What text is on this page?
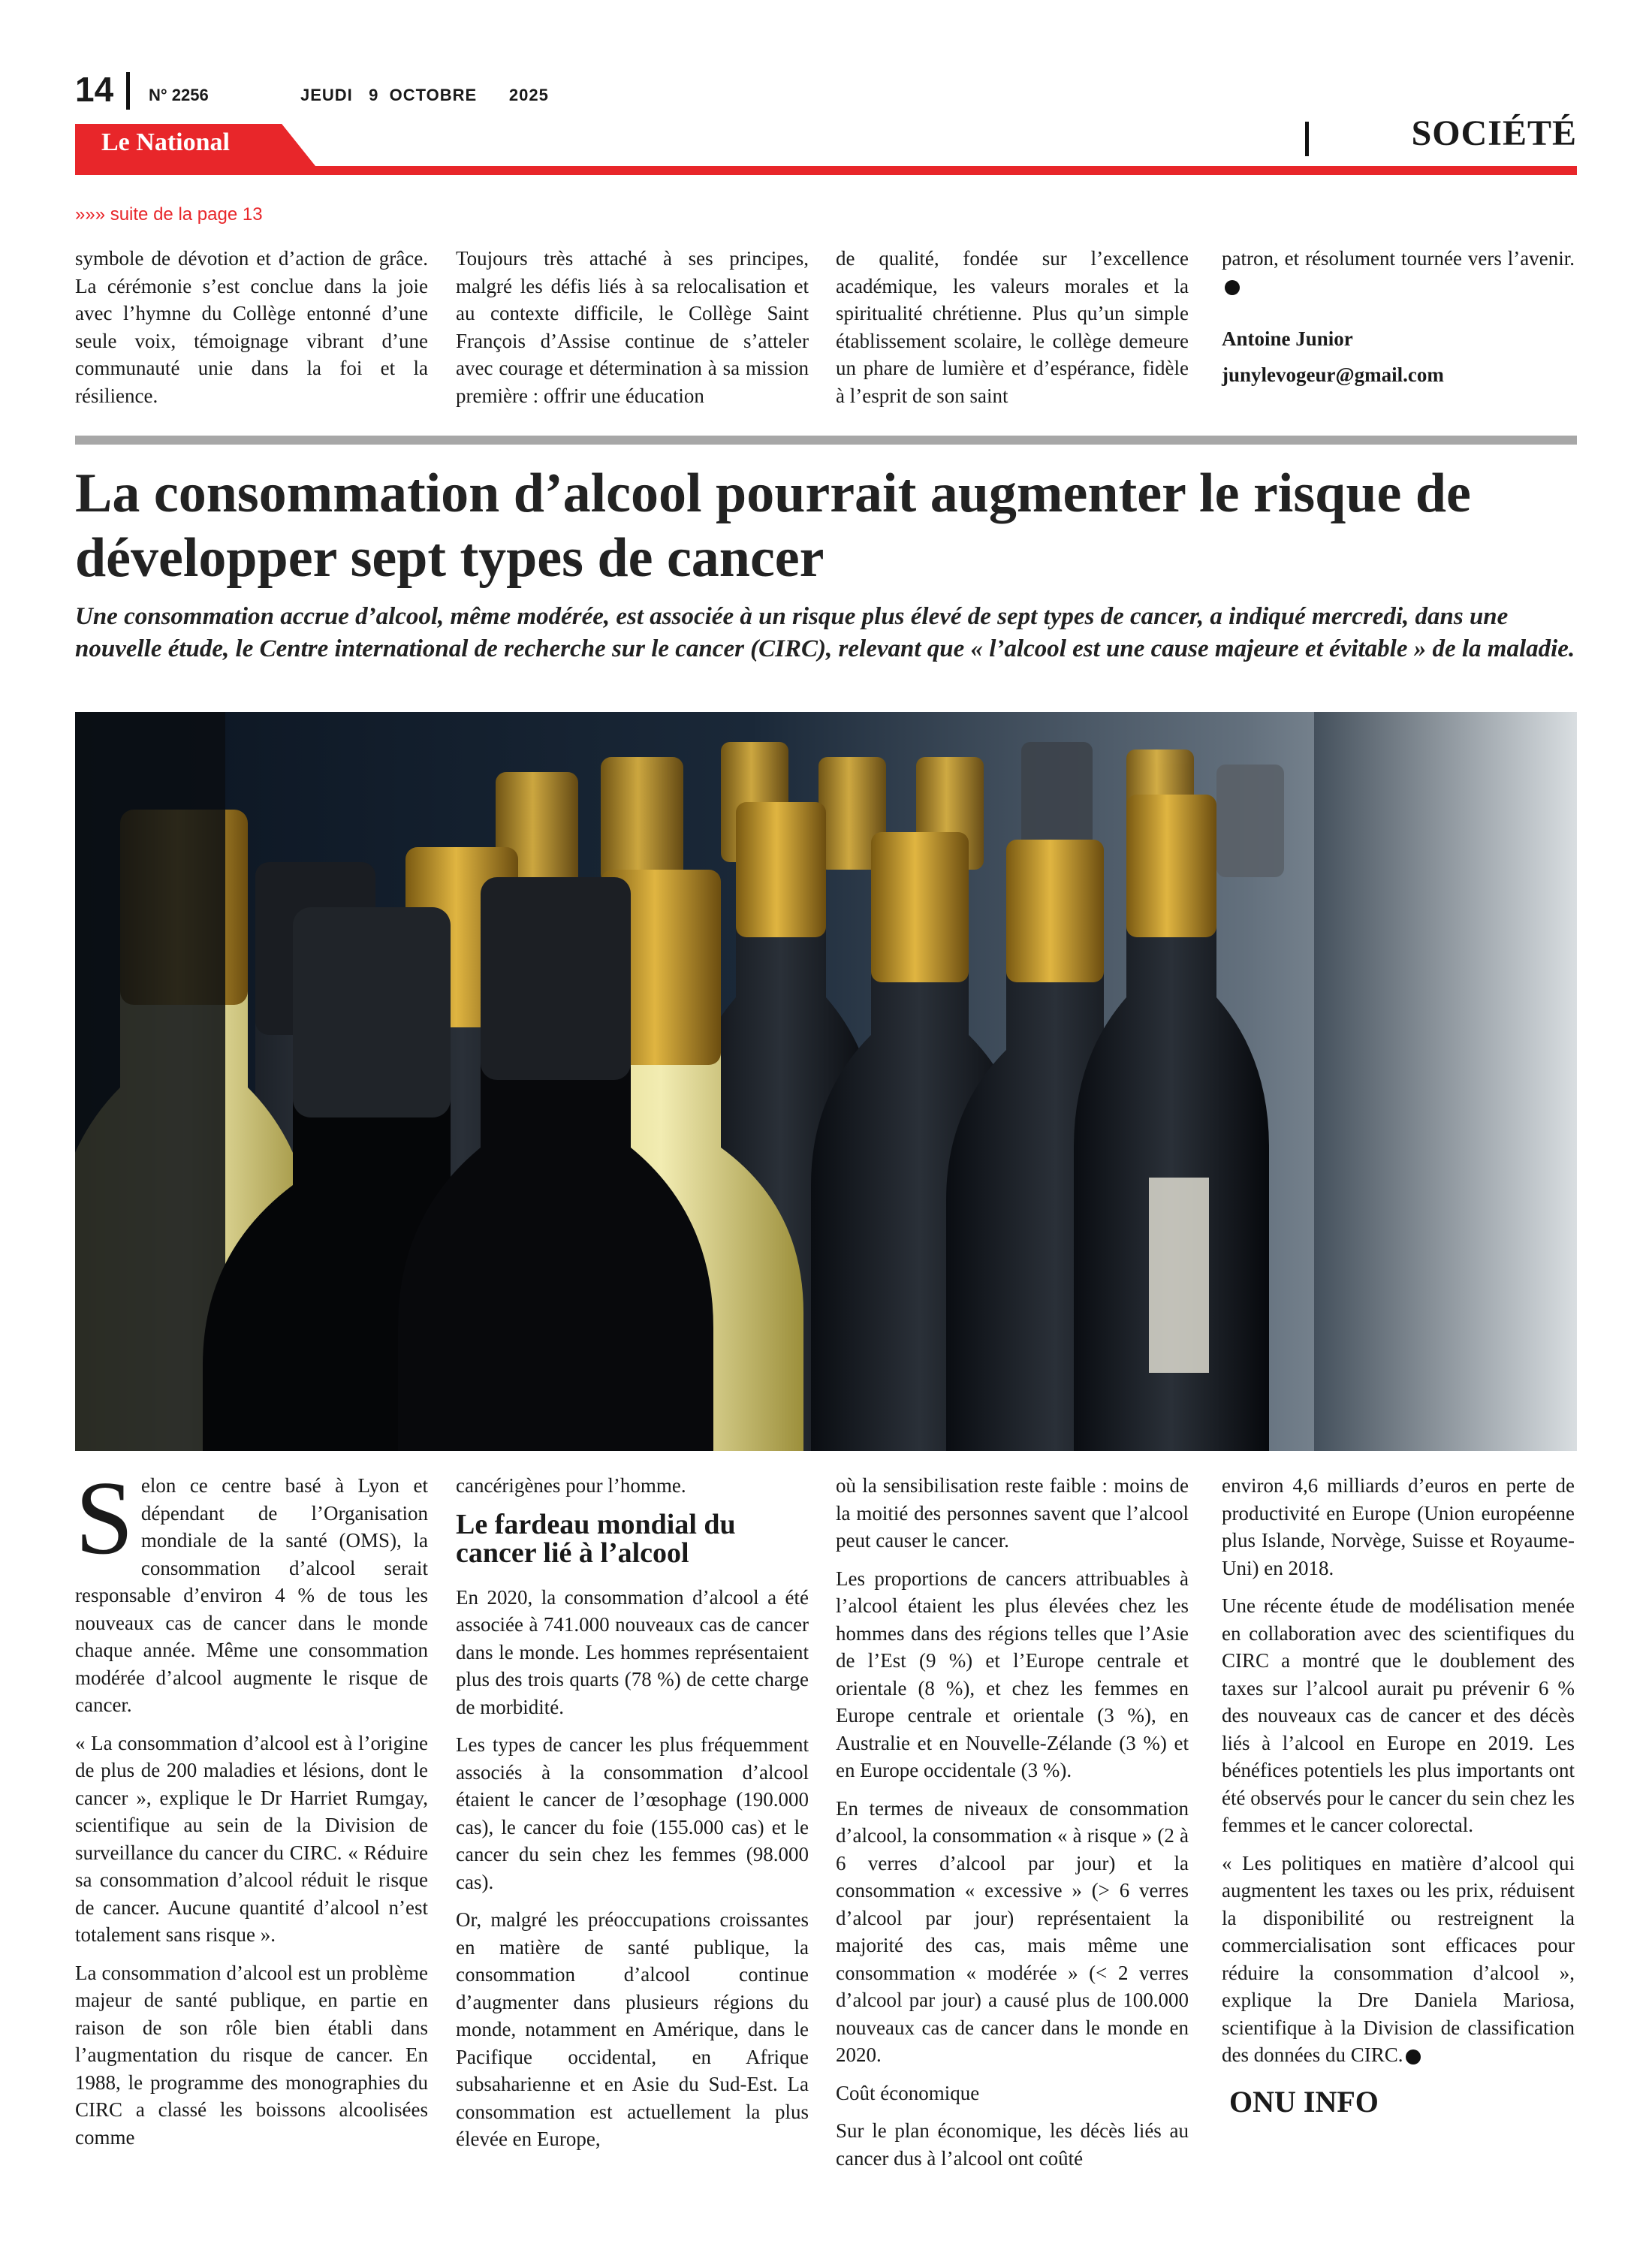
14 N° 2256	JEUDI   9  OCTOBRE      2025
Le National	SOCIÉTÉ
»»» suite de la page 13

symbole de dévotion et d’action de grâce. La cérémonie s’est conclue dans la joie avec l’hymne du Collège entonné d’une seule voix, témoignage vibrant d’une communauté unie dans la foi et la résilience.

Toujours très attaché à ses principes, malgré les défis liés à sa relocalisation et au contexte difficile, le Collège Saint François d’Assise continue de s’atteler avec courage et détermination à sa mission première : offrir une éducation

de qualité, fondée sur l’excellence académique, les valeurs morales et la spiritualité chrétienne. Plus qu’un simple établissement scolaire, le collège demeure un phare de lumière et d’espérance, fidèle à l’esprit de son saint

patron, et résolument tournée vers l’avenir.

Antoine Junior
junylevogeur@gmail.com
La consommation d’alcool pourrait augmenter le risque de développer sept types de cancer

Une consommation accrue d’alcool, même modérée, est associée à un risque plus élevé de sept types de cancer, a indiqué mercredi, dans une nouvelle étude, le Centre international de recherche sur le cancer (CIRC), relevant que « l’alcool est une cause majeure et évitable » de la maladie.

Selon ce centre basé à Lyon et dépendant de l’Organisation mondiale de la santé (OMS), la consommation d’alcool serait responsable d’environ 4 % de tous les nouveaux cas de cancer dans le monde chaque année. Même une consommation modérée d’alcool augmente le risque de cancer.

« La consommation d’alcool est à l’origine de plus de 200 maladies et lésions, dont le cancer », explique le Dr Harriet Rumgay, scientifique au sein de la Division de surveillance du cancer du CIRC. « Réduire sa consommation d’alcool réduit le risque de cancer. Aucune quantité d’alcool n’est totalement sans risque ».

La consommation d’alcool est un problème majeur de santé publique, en partie en raison de son rôle bien établi dans l’augmentation du risque de cancer. En 1988, le programme des monographies du CIRC a classé les boissons alcoolisées comme

cancérigènes pour l’homme.

Le fardeau mondial du cancer lié à l’alcool

En 2020, la consommation d’alcool a été associée à 741.000 nouveaux cas de cancer dans le monde. Les hommes représentaient plus des trois quarts (78 %) de cette charge de morbidité.

Les types de cancer les plus fréquemment associés à la consommation d’alcool étaient le cancer de l’œsophage (190.000 cas), le cancer du foie (155.000 cas) et le cancer du sein chez les femmes (98.000 cas).

Or, malgré les préoccupations croissantes en matière de santé publique, la consommation d’alcool continue d’augmenter dans plusieurs régions du monde, notamment en Amérique, dans le Pacifique occidental, en Afrique subsaharienne et en Asie du Sud-Est. La consommation est actuellement la plus élevée en Europe,

où la sensibilisation reste faible : moins de la moitié des personnes savent que l’alcool peut causer le cancer.

Les proportions de cancers attribuables à l’alcool étaient les plus élevées chez les hommes dans des régions telles que l’Asie de l’Est (9 %) et l’Europe centrale et orientale (8 %), et chez les femmes en Europe centrale et orientale (3 %), en Australie et en Nouvelle-Zélande (3 %) et en Europe occidentale (3 %).

En termes de niveaux de consommation d’alcool, la consommation « à risque » (2 à 6 verres d’alcool par jour) et la consommation « excessive » (> 6 verres d’alcool par jour) représentaient la majorité des cas, mais même une consommation « modérée » (< 2 verres d’alcool par jour) a causé plus de 100.000 nouveaux cas de cancer dans le monde en 2020.

Coût économique

Sur le plan économique, les décès liés au cancer dus à l’alcool ont coûté

environ 4,6 milliards d’euros en perte de productivité en Europe (Union européenne plus Islande, Norvège, Suisse et Royaume-Uni) en 2018.

Une récente étude de modélisation menée en collaboration avec des scientifiques du CIRC a montré que le doublement des taxes sur l’alcool aurait pu prévenir 6 % des nouveaux cas de cancer et des décès liés à l’alcool en Europe en 2019. Les bénéfices potentiels les plus importants ont été observés pour le cancer du sein chez les femmes et le cancer colorectal.

« Les politiques en matière d’alcool qui augmentent les taxes ou les prix, réduisent la disponibilité ou restreignent la commercialisation sont efficaces pour réduire la consommation d’alcool », explique la Dre Daniela Mariosa, scientifique à la Division de classification des données du CIRC.

ONU INFO
